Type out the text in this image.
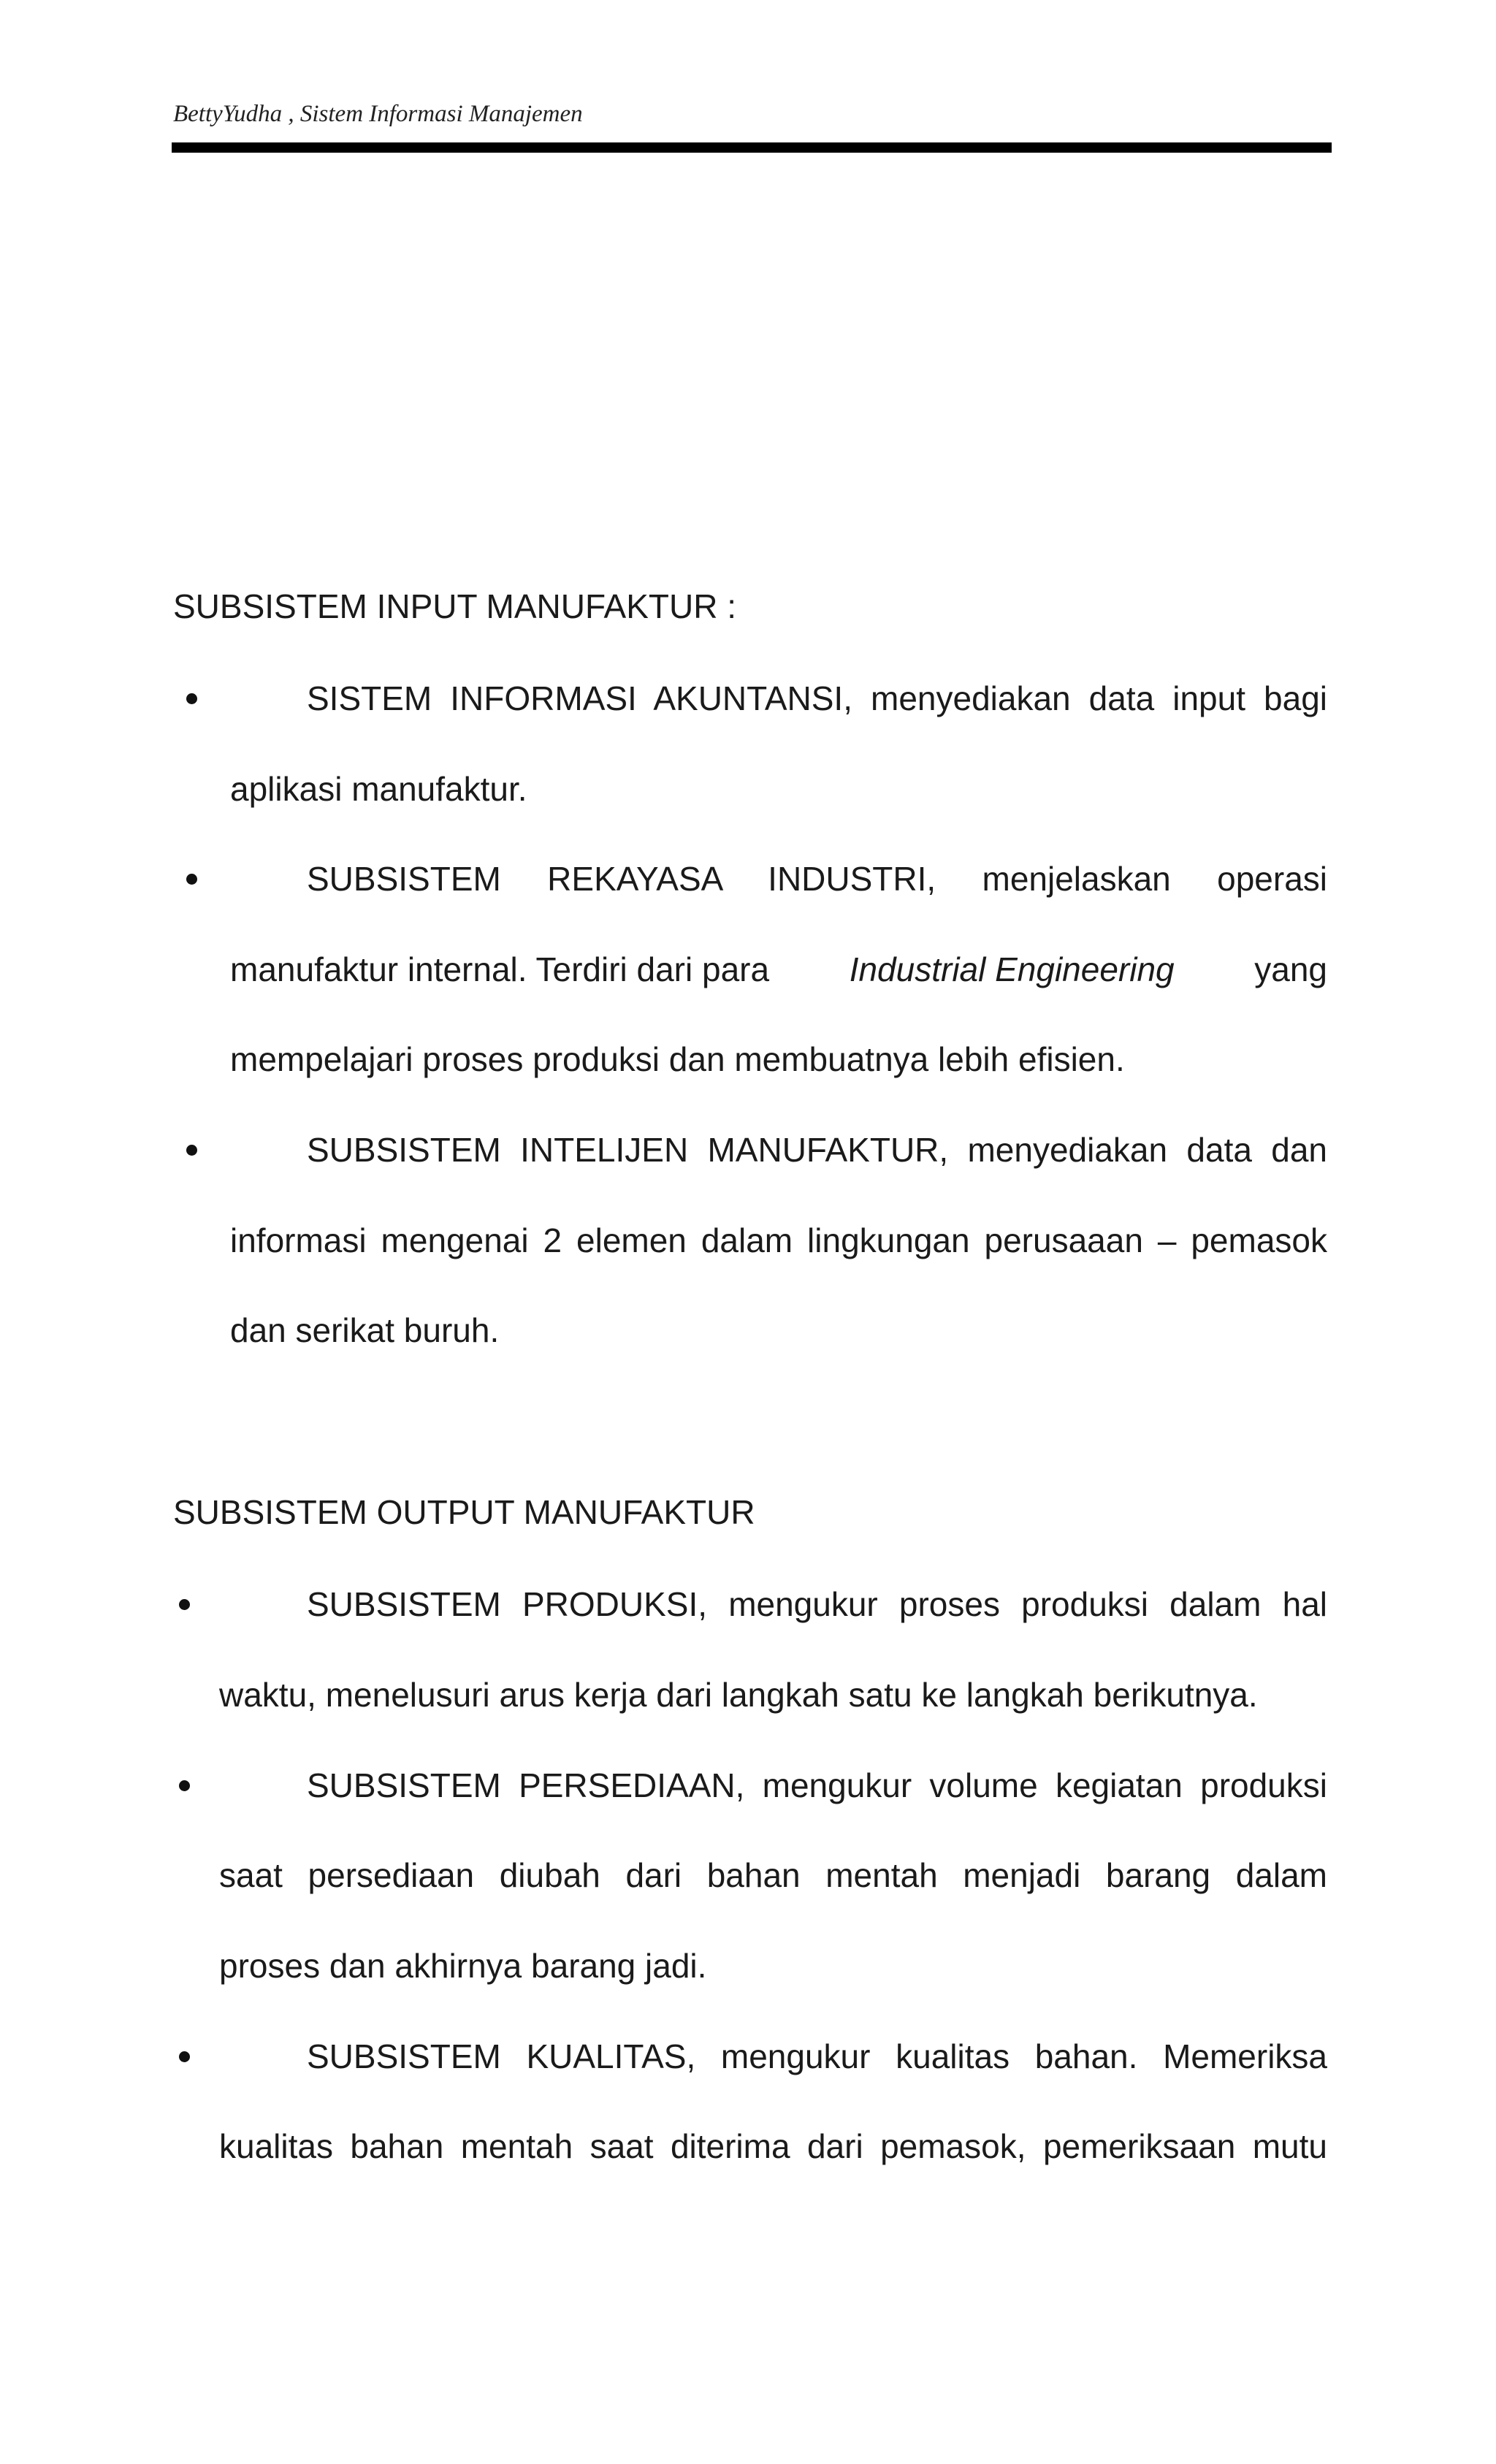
BettyYudha , Sistem Informasi Manajemen
SUBSISTEM INPUT MANUFAKTUR :
SISTEM INFORMASI AKUNTANSI, menyediakan data input bagi
aplikasi manufaktur.
SUBSISTEM REKAYASA INDUSTRI, menjelaskan operasi
manufaktur internal. Terdiri dari para Industrial Engineering yang
mempelajari proses produksi dan membuatnya lebih efisien.
SUBSISTEM INTELIJEN MANUFAKTUR, menyediakan data dan
informasi mengenai 2 elemen dalam lingkungan perusaaan – pemasok
dan serikat buruh.
SUBSISTEM OUTPUT MANUFAKTUR
SUBSISTEM PRODUKSI, mengukur proses produksi dalam hal
waktu, menelusuri arus kerja dari langkah satu ke langkah berikutnya.
SUBSISTEM PERSEDIAAN, mengukur volume kegiatan produksi
saat persediaan diubah dari bahan mentah menjadi barang dalam
proses dan akhirnya barang jadi.
SUBSISTEM KUALITAS, mengukur kualitas bahan. Memeriksa
kualitas bahan mentah saat diterima dari pemasok, pemeriksaan mutu
